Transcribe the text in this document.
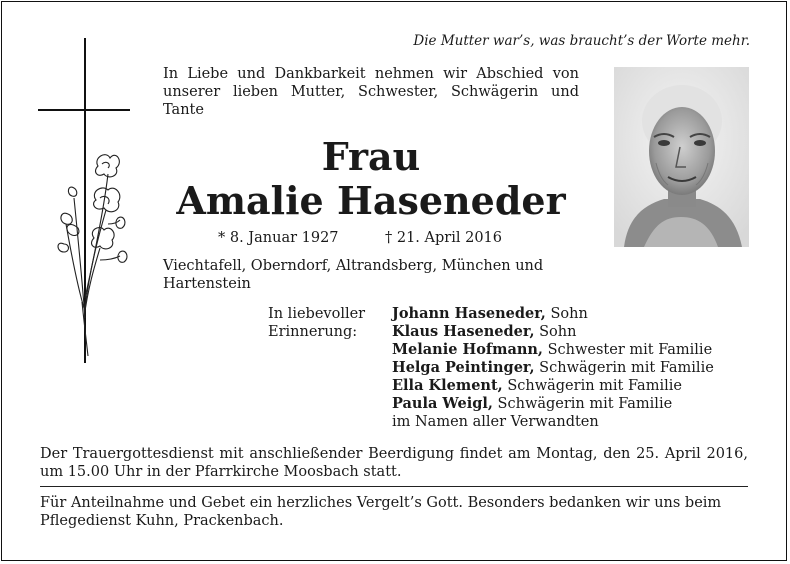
Die Mutter war’s, was braucht’s der Worte mehr.
In Liebe und Dankbarkeit nehmen wir Abschied von unserer lieben Mutter, Schwester, Schwägerin und Tante
Frau
Amalie Haseneder
* 8. Januar 1927	† 21. April 2016
Viechtafell, Oberndorf, Altrandsberg, München und Hartenstein
In liebevoller
Erinnerung:
Johann Haseneder, Sohn
Klaus Haseneder, Sohn
Melanie Hofmann, Schwester mit Familie
Helga Peintinger, Schwägerin mit Familie
Ella Klement, Schwägerin mit Familie
Paula Weigl, Schwägerin mit Familie
im Namen aller Verwandten
Der Trauergottesdienst mit anschließender Beerdigung findet am Montag, den 25. April 2016, um 15.00 Uhr in der Pfarrkirche Moosbach statt.
Für Anteilnahme und Gebet ein herzliches Vergelt’s Gott. Besonders bedanken wir uns beim Pflegedienst Kuhn, Prackenbach.
